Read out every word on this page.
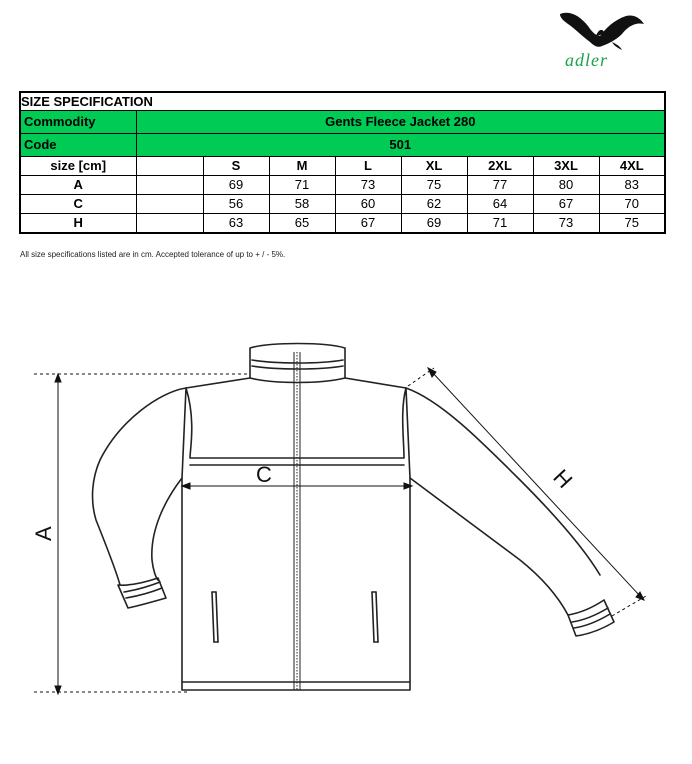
adler
SIZE SPECIFICATION								
Commodity	Gents Fleece Jacket 280							
Code	501							
size [cm]		S	M	L	XL	2XL	3XL	4XL
A		69	71	73	75	77	80	83
C		56	58	60	62	64	67	70
H		63	65	67	69	71	73	75
All size specifications listed are in cm. Accepted tolerance of up to + / - 5%.
C
A
H
